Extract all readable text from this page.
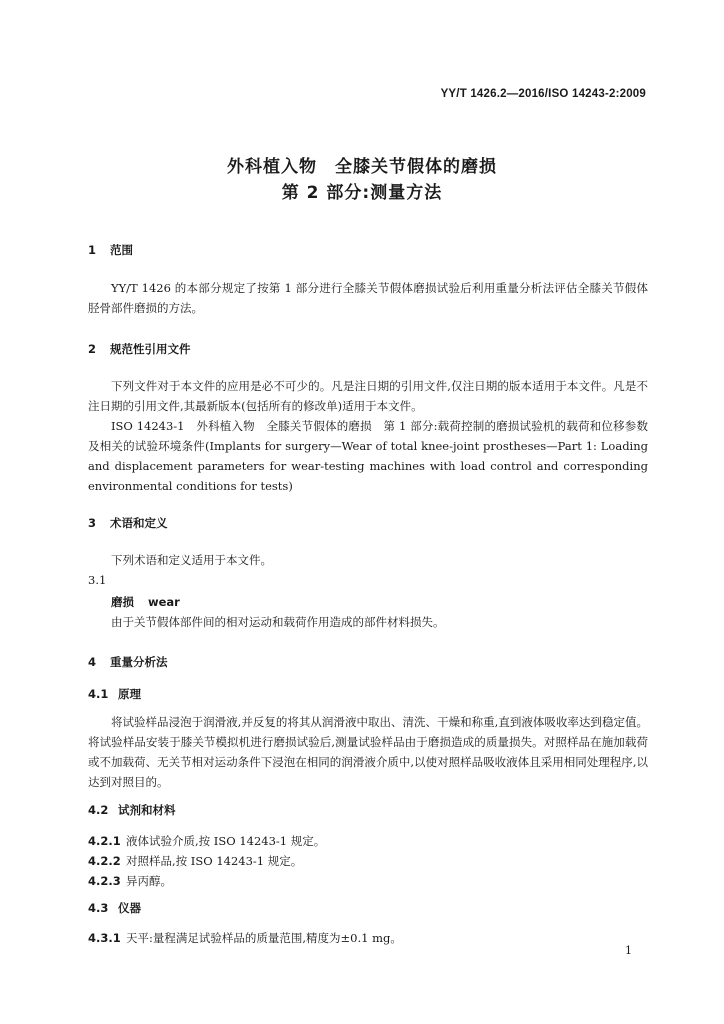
YY/T 1426.2—2016/ISO 14243-2:2009
外科植入物　全膝关节假体的磨损
第 2 部分:测量方法
1 范围
YY/T 1426 的本部分规定了按第 1 部分进行全膝关节假体磨损试验后利用重量分析法评估全膝关节假体胫骨部件磨损的方法。
2 规范性引用文件
下列文件对于本文件的应用是必不可少的。凡是注日期的引用文件,仅注日期的版本适用于本文件。凡是不注日期的引用文件,其最新版本(包括所有的修改单)适用于本文件。
ISO 14243-1　外科植入物　全膝关节假体的磨损　第 1 部分:载荷控制的磨损试验机的载荷和位移参数及相关的试验环境条件(Implants for surgery—Wear of total knee-joint prostheses—Part 1: Loading and displacement parameters for wear-testing machines with load control and corresponding environmental conditions for tests)
3 术语和定义
下列术语和定义适用于本文件。
3.1
磨损 wear
由于关节假体部件间的相对运动和载荷作用造成的部件材料损失。
4 重量分析法
4.1 原理
将试验样品浸泡于润滑液,并反复的将其从润滑液中取出、清洗、干燥和称重,直到液体吸收率达到稳定值。将试验样品安装于膝关节模拟机进行磨损试验后,测量试验样品由于磨损造成的质量损失。对照样品在施加载荷或不加载荷、无关节相对运动条件下浸泡在相同的润滑液介质中,以使对照样品吸收液体且采用相同处理程序,以达到对照目的。
4.2 试剂和材料
4.2.1 液体试验介质,按 ISO 14243-1 规定。
4.2.2 对照样品,按 ISO 14243-1 规定。
4.2.3 异丙醇。
4.3 仪器
4.3.1 天平:量程满足试验样品的质量范围,精度为±0.1 mg。
1
